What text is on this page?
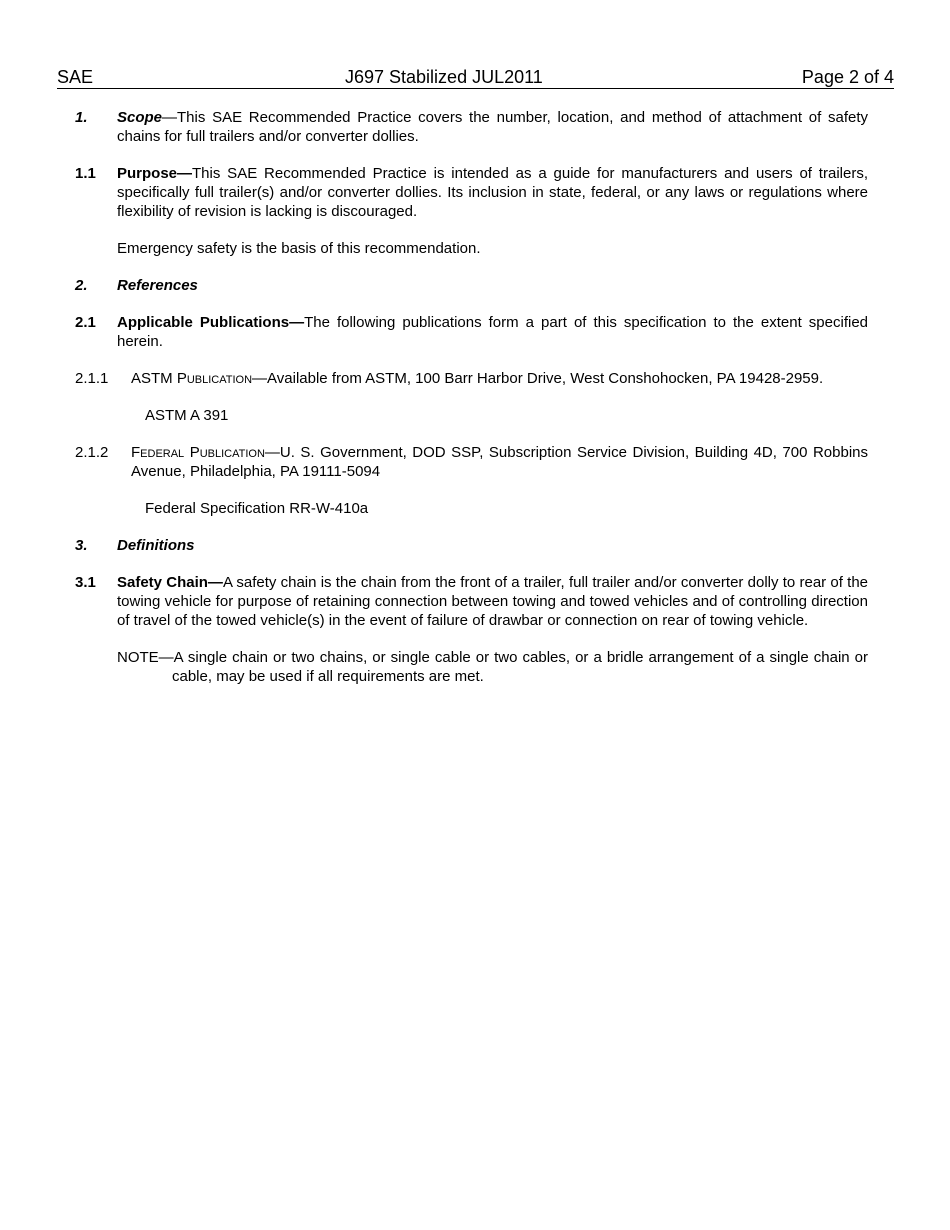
SAE	J697 Stabilized JUL2011	Page 2 of 4
1.	Scope—This SAE Recommended Practice covers the number, location, and method of attachment of safety chains for full trailers and/or converter dollies.
1.1	Purpose—This SAE Recommended Practice is intended as a guide for manufacturers and users of trailers, specifically full trailer(s) and/or converter dollies. Its inclusion in state, federal, or any laws or regulations where flexibility of revision is lacking is discouraged.
Emergency safety is the basis of this recommendation.
2.	References
2.1	Applicable Publications—The following publications form a part of this specification to the extent specified herein.
2.1.1	ASTM Publication—Available from ASTM, 100 Barr Harbor Drive, West Conshohocken, PA 19428-2959.
ASTM A 391
2.1.2	Federal Publication—U. S. Government, DOD SSP, Subscription Service Division, Building 4D, 700 Robbins Avenue, Philadelphia, PA 19111-5094
Federal Specification RR-W-410a
3.	Definitions
3.1	Safety Chain—A safety chain is the chain from the front of a trailer, full trailer and/or converter dolly to rear of the towing vehicle for purpose of retaining connection between towing and towed vehicles and of controlling direction of travel of the towed vehicle(s) in the event of failure of drawbar or connection on rear of towing vehicle.
NOTE—A single chain or two chains, or single cable or two cables, or a bridle arrangement of a single chain or cable, may be used if all requirements are met.
